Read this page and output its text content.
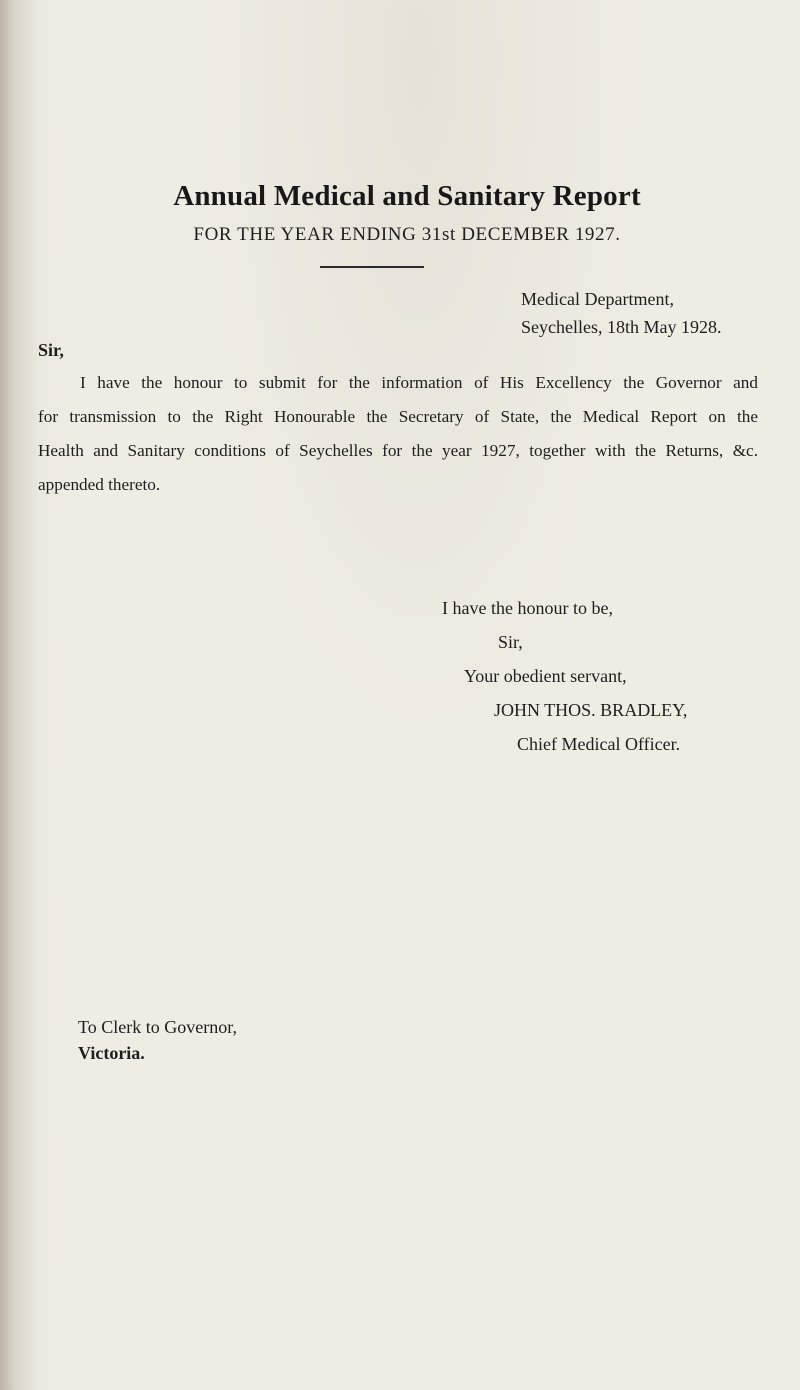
Annual Medical and Sanitary Report
FOR THE YEAR ENDING 31st DECEMBER 1927.
Medical Department,
Seychelles, 18th May 1928.
Sir,
I have the honour to submit for the information of His Excellency the Governor and
for transmission to the Right Honourable the Secretary of State, the Medical Report on the
Health and Sanitary conditions of Seychelles for the year 1927, together with the Returns, &c.
appended thereto.
I have the honour to be,
Sir,
Your obedient servant,
JOHN THOS. BRADLEY,
Chief Medical Officer.
To Clerk to Governor,
Victoria.
